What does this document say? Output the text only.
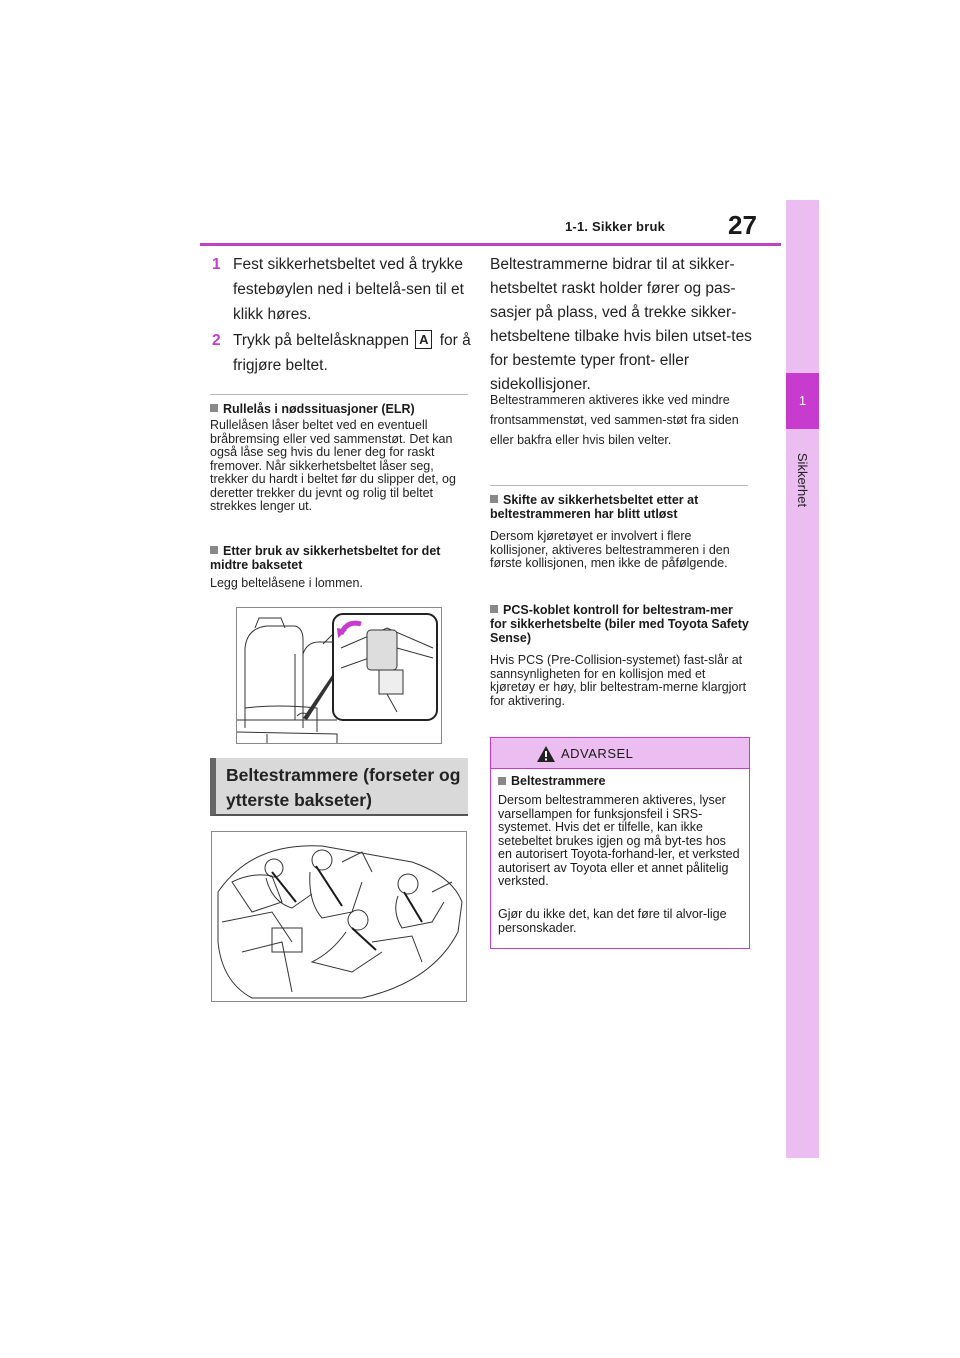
1-1. Sikker bruk 27
1
Sikkerhet
1 Fest sikkerhetsbeltet ved å trykke festebøylen ned i beltelå-sen til et klikk høres.
2 Trykk på beltelåsknappen A for å frigjøre beltet.
Rullelås i nødssituasjoner (ELR)
Rullelåsen låser beltet ved en eventuell bråbremsing eller ved sammenstøt. Det kan også låse seg hvis du lener deg for raskt fremover. Når sikkerhetsbeltet låser seg, trekker du hardt i beltet før du slipper det, og deretter trekker du jevnt og rolig til beltet strekkes lenger ut.
Etter bruk av sikkerhetsbeltet for det midtre baksetet
Legg beltelåsene i lommen.
Beltestrammere (forseter og ytterste bakseter)
Beltestrammerne bidrar til at sikker-hetsbeltet raskt holder fører og pas-sasjer på plass, ved å trekke sikker-hetsbeltene tilbake hvis bilen utset-tes for bestemte typer front- eller sidekollisjoner.
Beltestrammeren aktiveres ikke ved mindre frontsammenstøt, ved sammen-støt fra siden eller bakfra eller hvis bilen velter.
Skifte av sikkerhetsbeltet etter at beltestrammeren har blitt utløst
Dersom kjøretøyet er involvert i flere kollisjoner, aktiveres beltestrammeren i den første kollisjonen, men ikke de påfølgende.
PCS-koblet kontroll for beltestram-mer for sikkerhetsbelte (biler med Toyota Safety Sense)
Hvis PCS (Pre-Collision-systemet) fast-slår at sannsynligheten for en kollisjon med et kjøretøy er høy, blir beltestram-merne klargjort for aktivering.
ADVARSEL
Beltestrammere
Dersom beltestrammeren aktiveres, lyser varsellampen for funksjonsfeil i SRS-systemet. Hvis det er tilfelle, kan ikke setebeltet brukes igjen og må byt-tes hos en autorisert Toyota-forhand-ler, et verksted autorisert av Toyota eller et annet pålitelig verksted.
Gjør du ikke det, kan det føre til alvor-lige personskader.
